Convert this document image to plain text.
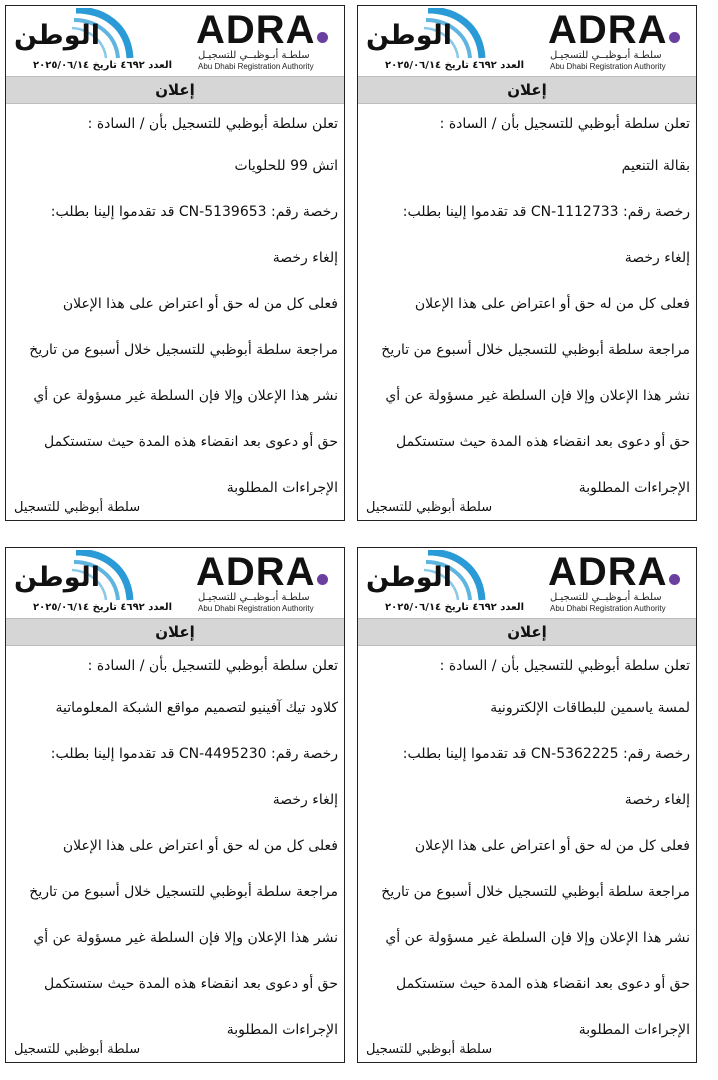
الوطن
العدد ٤٦٩٢ تاريخ ٢٠٢٥/٠٦/١٤
ADRA
سلطـة أبـوظبــي للتسجيـل
Abu Dhabi Registration Authority
إعلان
تعلن سلطة أبوظبي للتسجيل بأن / السادة :
بقالة التنعيم
رخصة رقم: CN-1112733 قد تقدموا إلينا بطلب:
إلغاء رخصة
فعلى كل من له حق أو اعتراض على هذا الإعلان
مراجعة سلطة أبوظبي للتسجيل خلال أسبوع من تاريخ
نشر هذا الإعلان وإلا فإن السلطة غير مسؤولة عن أي
حق أو دعوى بعد انقضاء هذه المدة حيث ستستكمل
الإجراءات المطلوبة
سلطة أبوظبي للتسجيل
الوطن
العدد ٤٦٩٢ تاريخ ٢٠٢٥/٠٦/١٤
ADRA
سلطـة أبـوظبــي للتسجيـل
Abu Dhabi Registration Authority
إعلان
تعلن سلطة أبوظبي للتسجيل بأن / السادة :
اتش 99 للحلويات
رخصة رقم: CN-5139653 قد تقدموا إلينا بطلب:
إلغاء رخصة
فعلى كل من له حق أو اعتراض على هذا الإعلان
مراجعة سلطة أبوظبي للتسجيل خلال أسبوع من تاريخ
نشر هذا الإعلان وإلا فإن السلطة غير مسؤولة عن أي
حق أو دعوى بعد انقضاء هذه المدة حيث ستستكمل
الإجراءات المطلوبة
سلطة أبوظبي للتسجيل
الوطن
العدد ٤٦٩٢ تاريخ ٢٠٢٥/٠٦/١٤
ADRA
سلطـة أبـوظبــي للتسجيـل
Abu Dhabi Registration Authority
إعلان
تعلن سلطة أبوظبي للتسجيل بأن / السادة :
لمسة ياسمين للبطاقات الإلكترونية
رخصة رقم: CN-5362225 قد تقدموا إلينا بطلب:
إلغاء رخصة
فعلى كل من له حق أو اعتراض على هذا الإعلان
مراجعة سلطة أبوظبي للتسجيل خلال أسبوع من تاريخ
نشر هذا الإعلان وإلا فإن السلطة غير مسؤولة عن أي
حق أو دعوى بعد انقضاء هذه المدة حيث ستستكمل
الإجراءات المطلوبة
سلطة أبوظبي للتسجيل
الوطن
العدد ٤٦٩٢ تاريخ ٢٠٢٥/٠٦/١٤
ADRA
سلطـة أبـوظبــي للتسجيـل
Abu Dhabi Registration Authority
إعلان
تعلن سلطة أبوظبي للتسجيل بأن / السادة :
كلاود تيك آفينيو لتصميم مواقع الشبكة المعلوماتية
رخصة رقم: CN-4495230 قد تقدموا إلينا بطلب:
إلغاء رخصة
فعلى كل من له حق أو اعتراض على هذا الإعلان
مراجعة سلطة أبوظبي للتسجيل خلال أسبوع من تاريخ
نشر هذا الإعلان وإلا فإن السلطة غير مسؤولة عن أي
حق أو دعوى بعد انقضاء هذه المدة حيث ستستكمل
الإجراءات المطلوبة
سلطة أبوظبي للتسجيل
